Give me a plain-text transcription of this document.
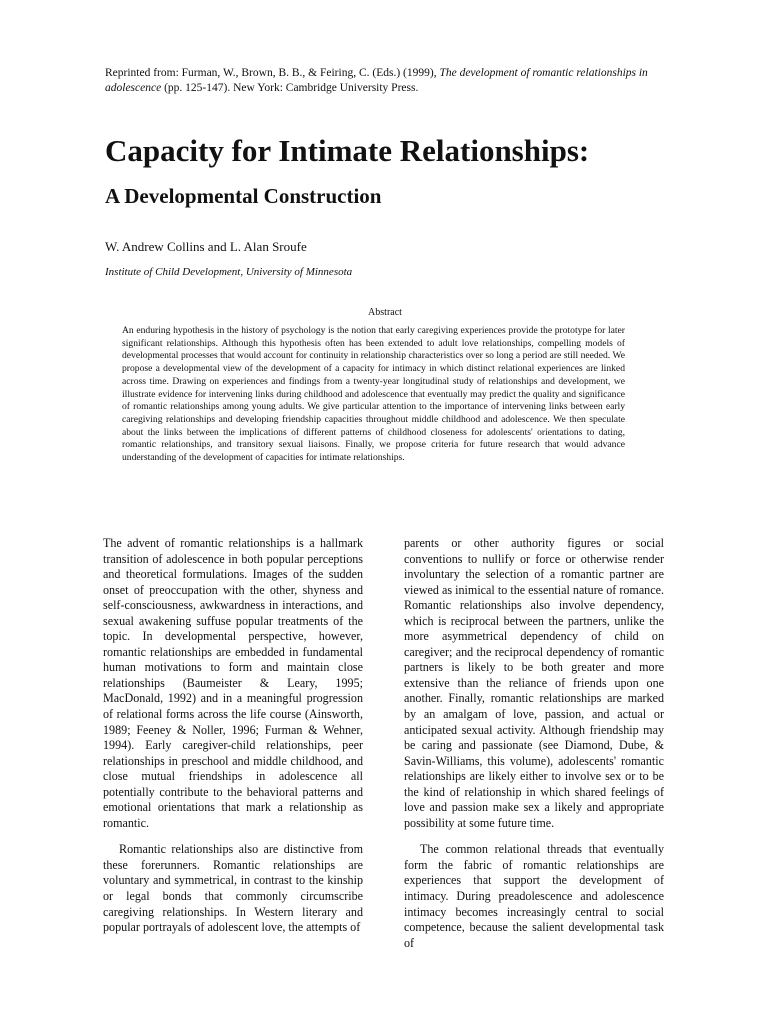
Reprinted from: Furman, W., Brown, B. B., & Feiring, C. (Eds.) (1999), The development of romantic relationships in adolescence (pp. 125-147). New York: Cambridge University Press.
Capacity for Intimate Relationships:
A Developmental Construction
W. Andrew Collins and L. Alan Sroufe
Institute of Child Development, University of Minnesota
Abstract

An enduring hypothesis in the history of psychology is the notion that early caregiving experiences provide the prototype for later significant relationships. Although this hypothesis often has been extended to adult love relationships, compelling models of developmental processes that would account for continuity in relationship characteristics over so long a period are still needed. We propose a developmental view of the development of a capacity for intimacy in which distinct relational experiences are linked across time. Drawing on experiences and findings from a twenty-year longitudinal study of relationships and development, we illustrate evidence for intervening links during childhood and adolescence that eventually may predict the quality and significance of romantic relationships among young adults. We give particular attention to the importance of intervening links between early caregiving relationships and developing friendship capacities throughout middle childhood and adolescence. We then speculate about the links between the implications of different patterns of childhood closeness for adolescents' orientations to dating, romantic relationships, and transitory sexual liaisons. Finally, we propose criteria for future research that would advance understanding of the development of capacities for intimate relationships.

The advent of romantic relationships is a hallmark transition of adolescence in both popular perceptions and theoretical formulations. Images of the sudden onset of preoccupation with the other, shyness and self-consciousness, awkwardness in interactions, and sexual awakening suffuse popular treatments of the topic. In developmental perspective, however, romantic relationships are embedded in fundamental human motivations to form and maintain close relationships (Baumeister & Leary, 1995; MacDonald, 1992) and in a meaningful progression of relational forms across the life course (Ainsworth, 1989; Feeney & Noller, 1996; Furman & Wehner, 1994). Early caregiver-child relationships, peer relationships in preschool and middle childhood, and close mutual friendships in adolescence all potentially contribute to the behavioral patterns and emotional orientations that mark a relationship as romantic.

Romantic relationships also are distinctive from these forerunners. Romantic relationships are voluntary and symmetrical, in contrast to the kinship or legal bonds that commonly circumscribe caregiving relationships. In Western literary and popular portrayals of adolescent love, the attempts of

parents or other authority figures or social conventions to nullify or force or otherwise render involuntary the selection of a romantic partner are viewed as inimical to the essential nature of romance. Romantic relationships also involve dependency, which is reciprocal between the partners, unlike the more asymmetrical dependency of child on caregiver; and the reciprocal dependency of romantic partners is likely to be both greater and more extensive than the reliance of friends upon one another. Finally, romantic relationships are marked by an amalgam of love, passion, and actual or anticipated sexual activity. Although friendship may be caring and passionate (see Diamond, Dube, & Savin-Williams, this volume), adolescents' romantic relationships are likely either to involve sex or to be the kind of relationship in which shared feelings of love and passion make sex a likely and appropriate possibility at some future time.

The common relational threads that eventually form the fabric of romantic relationships are experiences that support the development of intimacy. During preadolescence and adolescence intimacy becomes increasingly central to social competence, because the salient developmental task of
